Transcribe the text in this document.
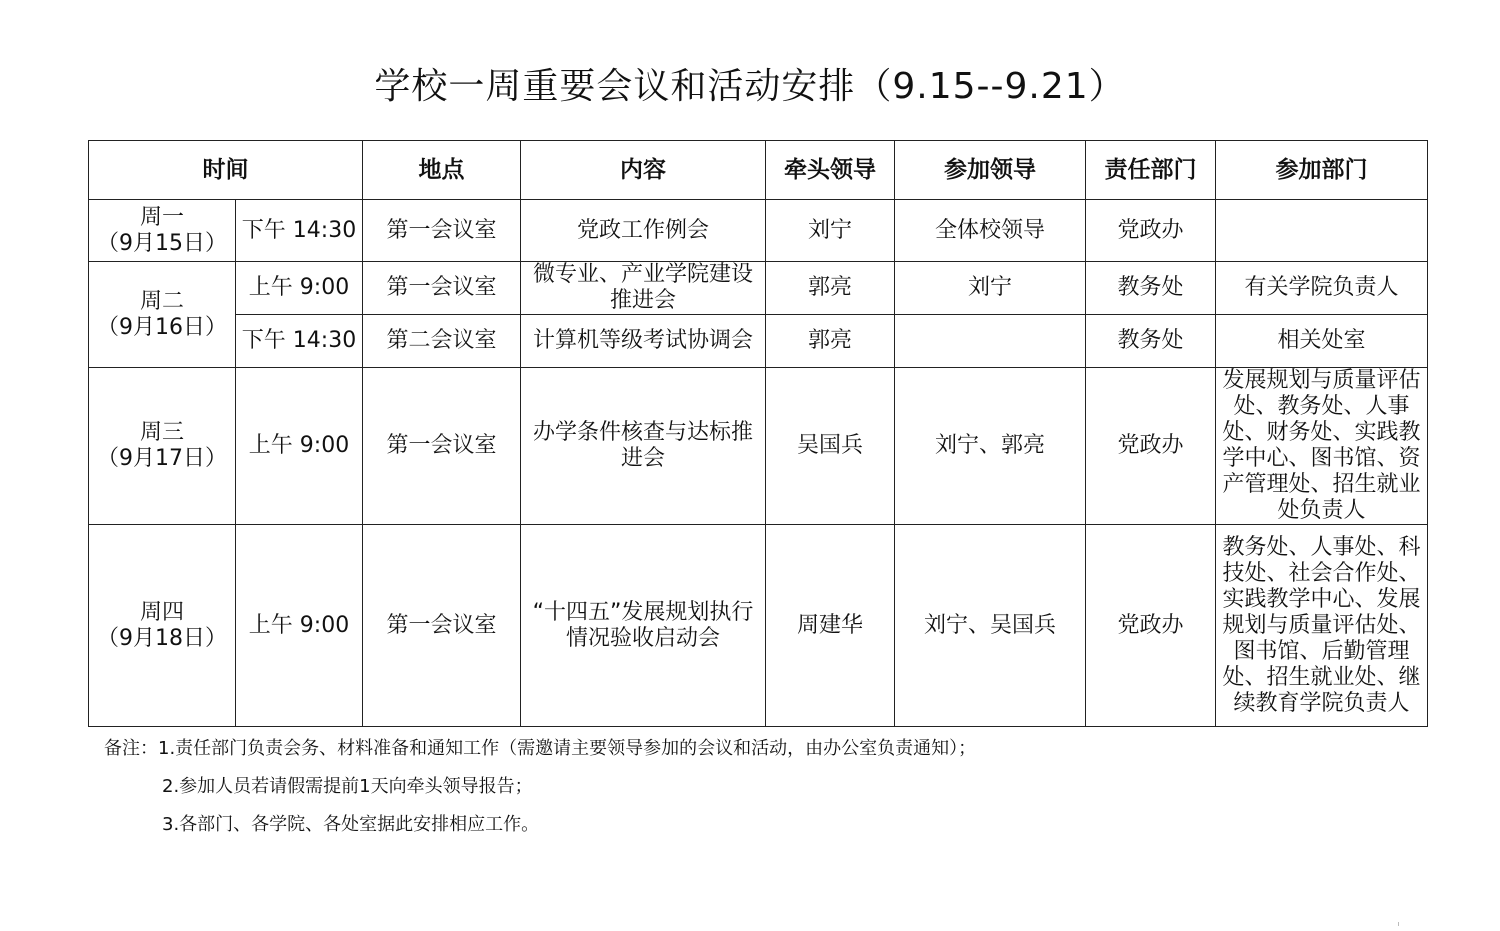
学校一周重要会议和活动安排（9.15--9.21）
时间		地点	内容	牵头领导	参加领导	责任部门	参加部门

周一
（9月15日）	下午 14:30	第一会议室	党政工作例会	刘宁	全体校领导	党政办	

周二
（9月16日）	上午 9:00	第一会议室	微专业、产业学院建设推进会	郭亮	刘宁	教务处	有关学院负责人
	下午 14:30	第二会议室	计算机等级考试协调会	郭亮		教务处	相关处室

周三
（9月17日）	上午 9:00	第一会议室	办学条件核查与达标推进会	吴国兵	刘宁、郭亮	党政办	发展规划与质量评估处、教务处、人事处、财务处、实践教学中心、图书馆、资产管理处、招生就业处负责人

周四
（9月18日）	上午 9:00	第一会议室	“十四五”发展规划执行情况验收启动会	周建华	刘宁、吴国兵	党政办	教务处、人事处、科技处、社会合作处、实践教学中心、发展规划与质量评估处、图书馆、后勤管理处、招生就业处、继续教育学院负责人
备注：1.责任部门负责会务、材料准备和通知工作（需邀请主要领导参加的会议和活动，由办公室负责通知）；
2.参加人员若请假需提前1天向牵头领导报告；
3.各部门、各学院、各处室据此安排相应工作。
